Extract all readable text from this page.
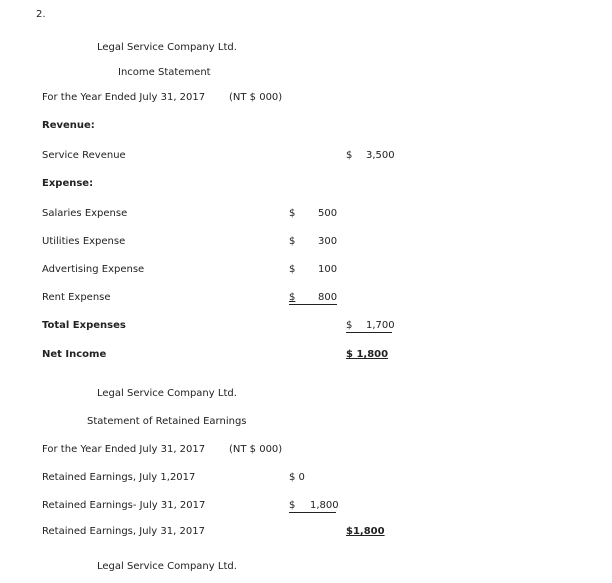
2.
Legal Service Company Ltd.
Income Statement
For the Year Ended July 31, 2017 (NT $ 000)
Revenue:
Service Revenue	$ 3,500
Expense:
Salaries Expense	$ 500
Utilities Expense	$ 300
Advertising Expense	$ 100
Rent Expense	$	800
Total Expenses	$ 1,700
Net Income	$ 1,800
Legal Service Company Ltd.
Statement of Retained Earnings
For the Year Ended July 31, 2017 (NT $ 000)
Retained Earnings, July 1,2017	$ 0
Retained Earnings- July 31, 2017	$ 1,800
Retained Earnings, July 31, 2017	$1,800
Legal Service Company Ltd.
